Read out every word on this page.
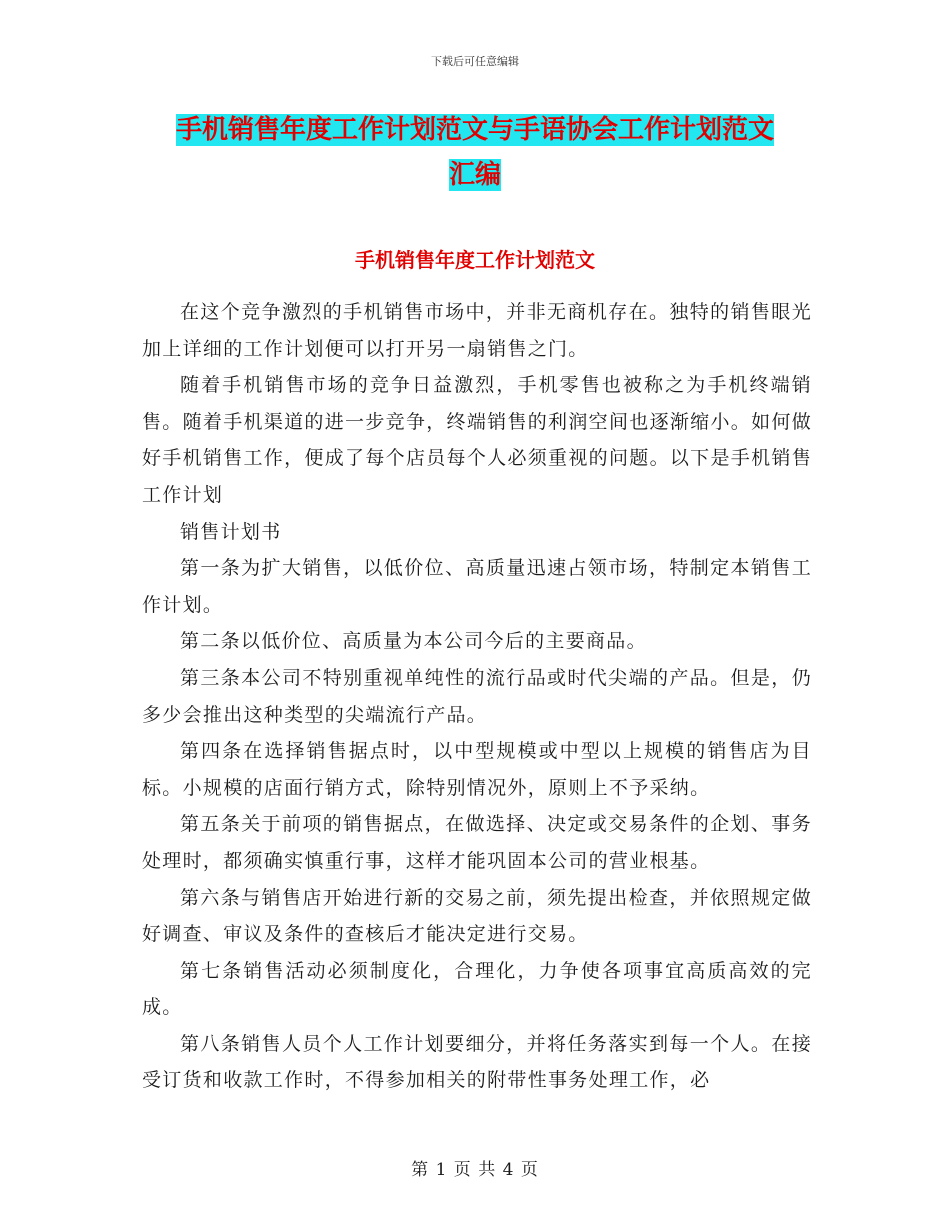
下载后可任意编辑
手机销售年度工作计划范文与手语协会工作计划范文
汇编
手机销售年度工作计划范文

在这个竞争激烈的手机销售市场中，并非无商机存在。独特的销售眼光加上详细的工作计划便可以打开另一扇销售之门。

随着手机销售市场的竞争日益激烈，手机零售也被称之为手机终端销售。随着手机渠道的进一步竞争，终端销售的利润空间也逐渐缩小。如何做好手机销售工作，便成了每个店员每个人必须重视的问题。以下是手机销售工作计划

销售计划书

第一条为扩大销售，以低价位、高质量迅速占领市场，特制定本销售工作计划。

第二条以低价位、高质量为本公司今后的主要商品。

第三条本公司不特别重视单纯性的流行品或时代尖端的产品。但是，仍多少会推出这种类型的尖端流行产品。

第四条在选择销售据点时，以中型规模或中型以上规模的销售店为目标。小规模的店面行销方式，除特别情况外，原则上不予采纳。

第五条关于前项的销售据点，在做选择、决定或交易条件的企划、事务处理时，都须确实慎重行事，这样才能巩固本公司的营业根基。

第六条与销售店开始进行新的交易之前，须先提出检查，并依照规定做好调查、审议及条件的查核后才能决定进行交易。

第七条销售活动必须制度化，合理化，力争使各项事宜高质高效的完成。

第八条销售人员个人工作计划要细分，并将任务落实到每一个人。在接受订货和收款工作时，不得参加相关的附带性事务处理工作，必

第 1 页 共 4 页
